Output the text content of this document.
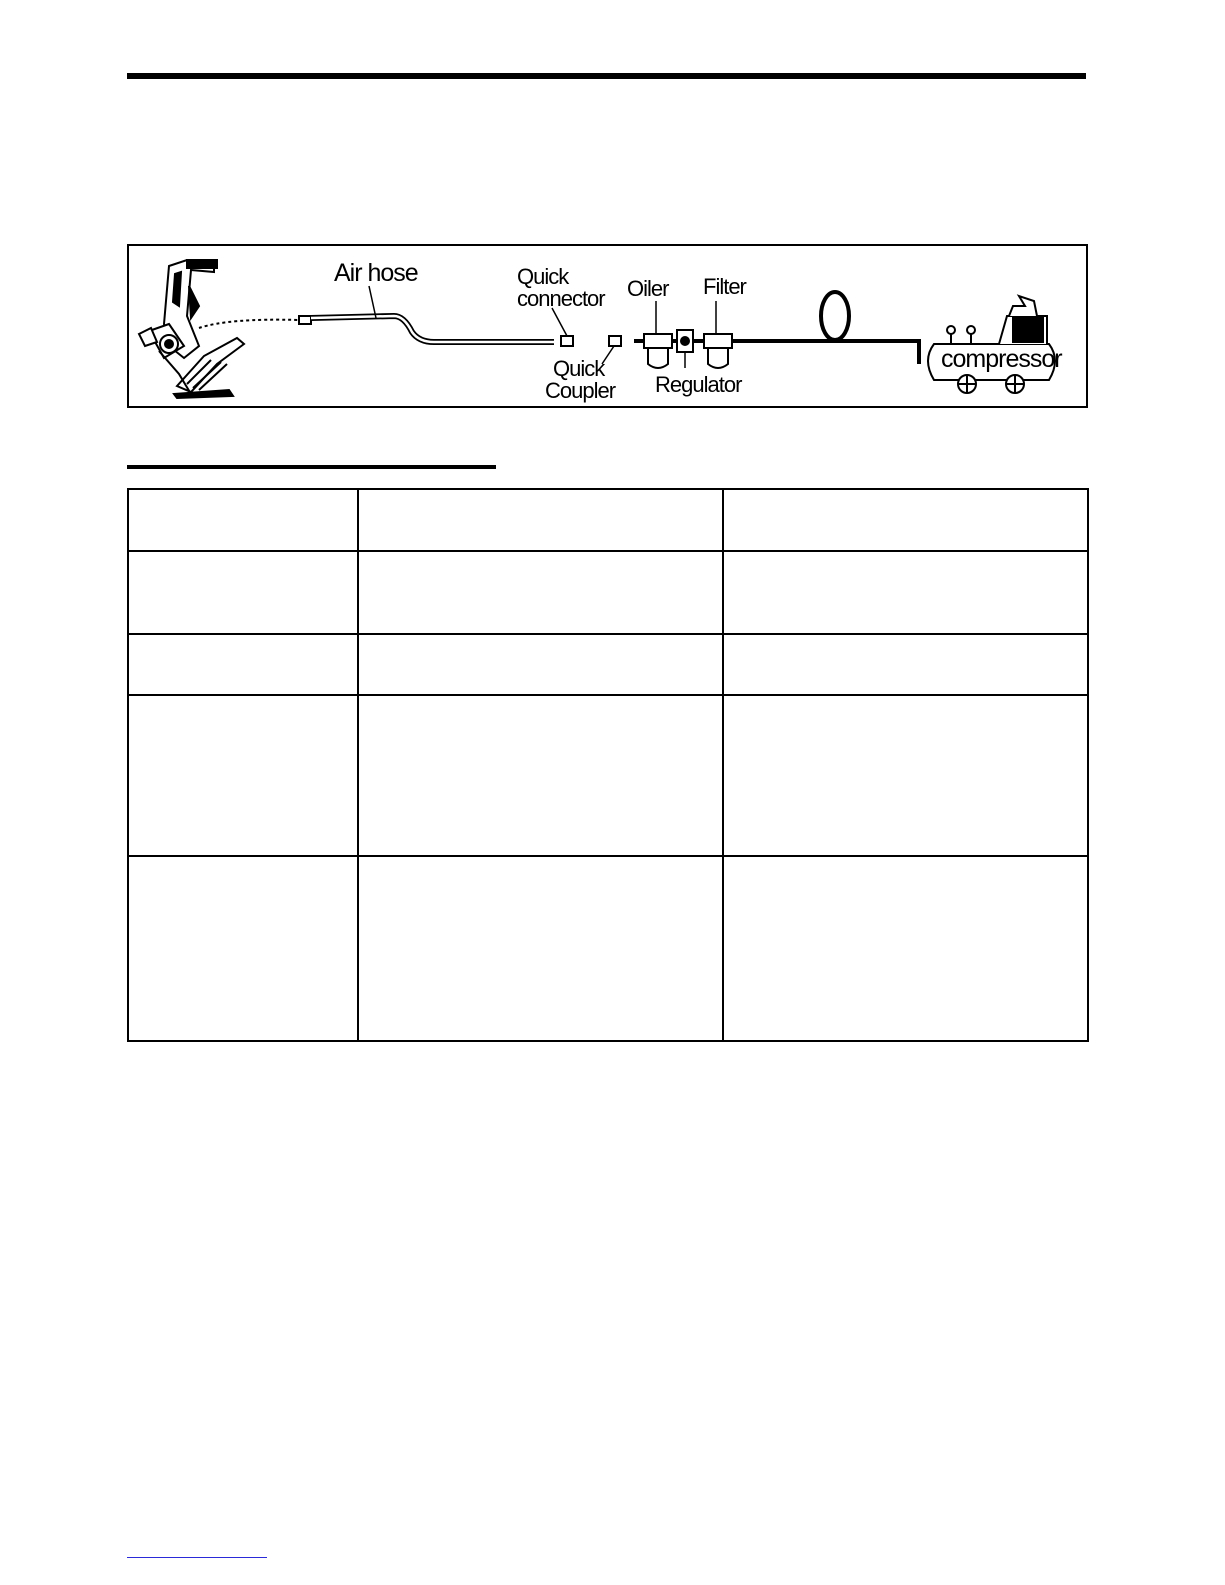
Air hose	Quick
connector
Quick
Coupler
Oiler Filter
Regulator
compressor
